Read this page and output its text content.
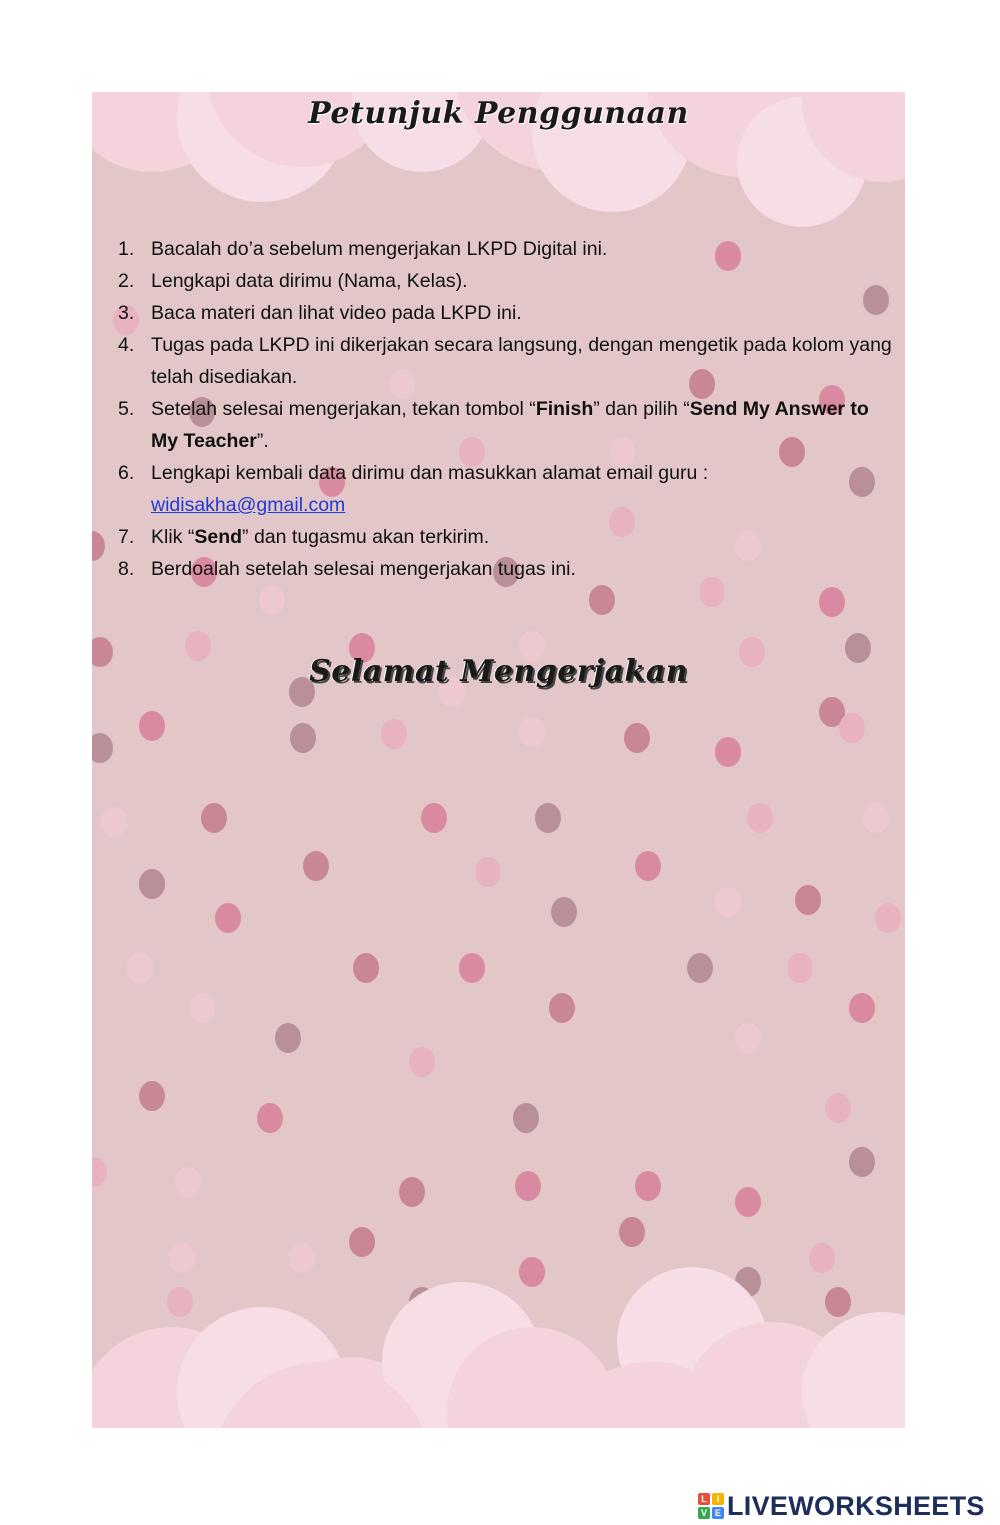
Petunjuk Penggunaan
1. Bacalah do’a sebelum mengerjakan LKPD Digital ini.
2. Lengkapi data dirimu (Nama, Kelas).
3. Baca materi dan lihat video pada LKPD ini.
4. Tugas pada LKPD ini dikerjakan secara langsung, dengan mengetik pada kolom yang telah disediakan.
5. Setelah selesai mengerjakan, tekan tombol “Finish” dan pilih “Send My Answer to My Teacher”.
6. Lengkapi kembali data dirimu dan masukkan alamat email guru :
widisakha@gmail.com
7. Klik “Send” dan tugasmu akan terkirim.
8. Berdoalah setelah selesai mengerjakan tugas ini.
Selamat Mengerjakan
L	I
V E LIVEWORKSHEETS
